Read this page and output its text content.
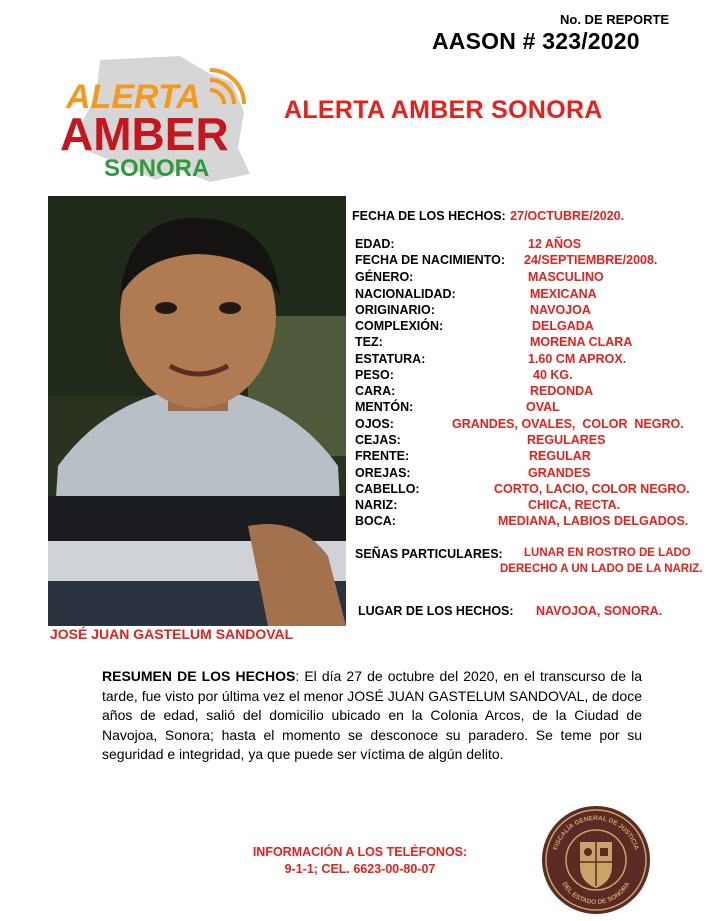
No. DE REPORTE
AASON # 323/2020
ALERTA
AMBER
SONORA
ALERTA AMBER SONORA
JOSÉ JUAN GASTELUM SANDOVAL
FECHA DE LOS HECHOS: 27/OCTUBRE/2020.
EDAD:	12 AÑOS
FECHA DE NACIMIENTO: 24/SEPTIEMBRE/2008.
GÉNERO:	MASCULINO
NACIONALIDAD:	MEXICANA
ORIGINARIO:	NAVOJOA
COMPLEXIÓN:	DELGADA
TEZ:	MORENA CLARA
ESTATURA:	1.60 CM APROX.
PESO:	40 KG.
CARA:	REDONDA
MENTÓN:	OVAL
OJOS:	GRANDES, OVALES,  COLOR  NEGRO.
CEJAS:	REGULARES
FRENTE:	REGULAR
OREJAS:	GRANDES
CABELLO:	CORTO, LACIO, COLOR NEGRO.
NARIZ:	CHICA, RECTA.
BOCA:	MEDIANA, LABIOS DELGADOS.
SEÑAS PARTICULARES: LUNAR EN ROSTRO DE LADO
DERECHO A UN LADO DE LA NARIZ.
LUGAR DE LOS HECHOS: NAVOJOA, SONORA.
RESUMEN DE LOS HECHOS: El día 27 de octubre del 2020, en el transcurso de la tarde, fue visto por última vez el menor JOSÉ JUAN GASTELUM SANDOVAL, de doce años de edad, salió del domicilio ubicado en la Colonia Arcos, de la Ciudad de Navojoa, Sonora; hasta el momento se desconoce su paradero. Se teme por su seguridad e integridad, ya que puede ser víctima de algún delito.
INFORMACIÓN A LOS TELÉFONOS:
9-1-1; CEL. 6623-00-80-07
FISCALÍA GENERAL DE JUSTICIA
DEL ESTADO DE SONORA
